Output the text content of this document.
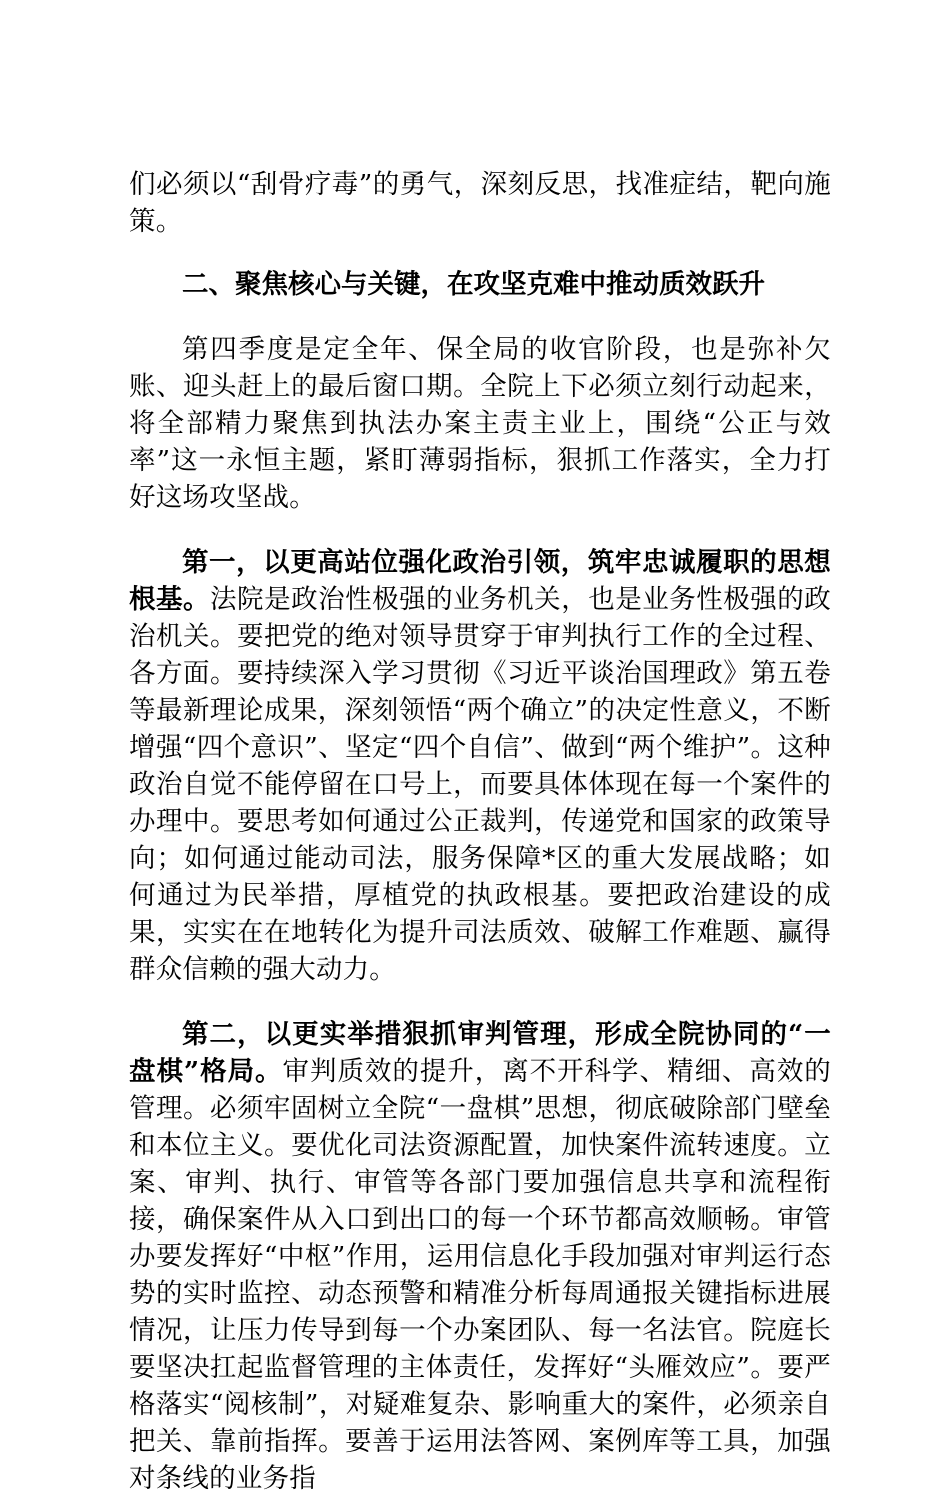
们必须以“刮骨疗毒”的勇气，深刻反思，找准症结，靶向施策。

二、聚焦核心与关键，在攻坚克难中推动质效跃升

第四季度是定全年、保全局的收官阶段，也是弥补欠账、迎头赶上的最后窗口期。全院上下必须立刻行动起来，将全部精力聚焦到执法办案主责主业上，围绕“公正与效率”这一永恒主题，紧盯薄弱指标，狠抓工作落实，全力打好这场攻坚战。

第一，以更高站位强化政治引领，筑牢忠诚履职的思想根基。法院是政治性极强的业务机关，也是业务性极强的政治机关。要把党的绝对领导贯穿于审判执行工作的全过程、各方面。要持续深入学习贯彻《习近平谈治国理政》第五卷等最新理论成果，深刻领悟“两个确立”的决定性意义，不断增强“四个意识”、坚定“四个自信”、做到“两个维护”。这种政治自觉不能停留在口号上，而要具体体现在每一个案件的办理中。要思考如何通过公正裁判，传递党和国家的政策导向；如何通过能动司法，服务保障*区的重大发展战略；如何通过为民举措，厚植党的执政根基。要把政治建设的成果，实实在在地转化为提升司法质效、破解工作难题、赢得群众信赖的强大动力。

第二，以更实举措狠抓审判管理，形成全院协同的“一盘棋”格局。审判质效的提升，离不开科学、精细、高效的管理。必须牢固树立全院“一盘棋”思想，彻底破除部门壁垒和本位主义。要优化司法资源配置，加快案件流转速度。立案、审判、执行、审管等各部门要加强信息共享和流程衔接，确保案件从入口到出口的每一个环节都高效顺畅。审管办要发挥好“中枢”作用，运用信息化手段加强对审判运行态势的实时监控、动态预警和精准分析每周通报关键指标进展情况，让压力传导到每一个办案团队、每一名法官。院庭长要坚决扛起监督管理的主体责任，发挥好“头雁效应”。要严格落实“阅核制”，对疑难复杂、影响重大的案件，必须亲自把关、靠前指挥。要善于运用法答网、案例库等工具，加强对条线的业务指
